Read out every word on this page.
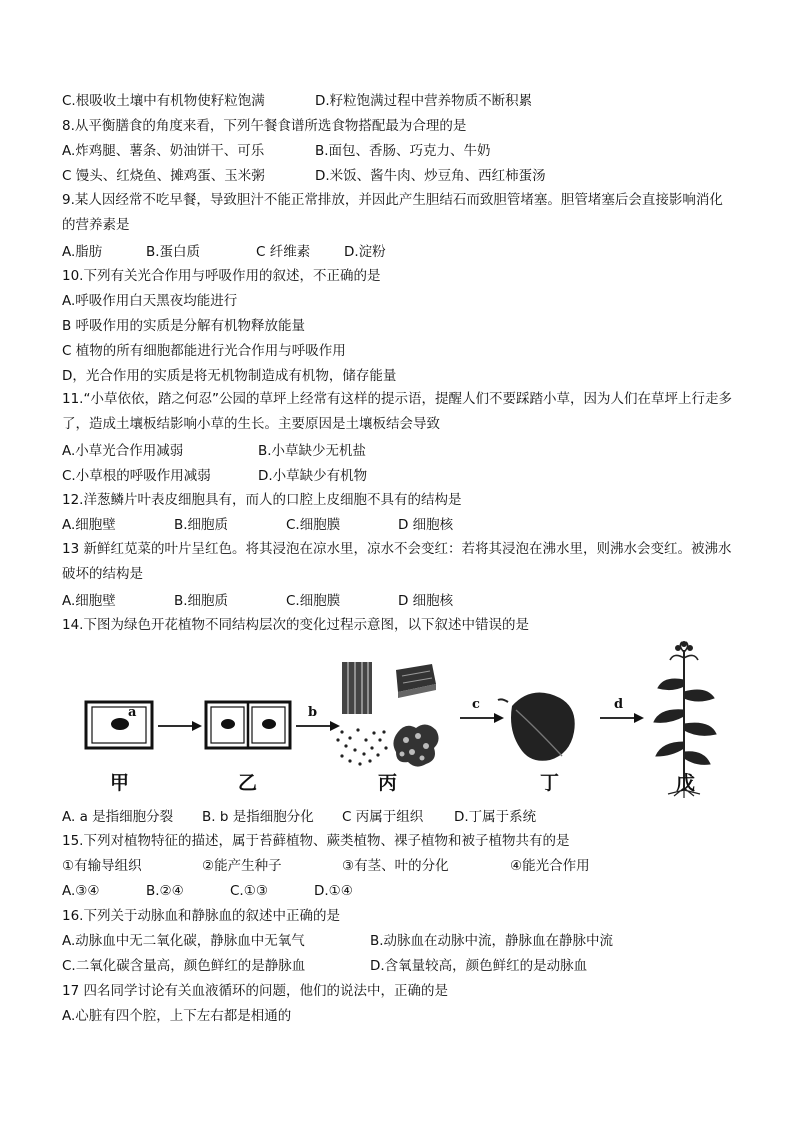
C.根吸收土壤中有机物使籽粒饱满	D.籽粒饱满过程中营养物质不断积累
8.从平衡膳食的角度来看，下列午餐食谱所选食物搭配最为合理的是
A.炸鸡腿、薯条、奶油饼干、可乐	B.面包、香肠、巧克力、牛奶
C 馒头、红烧鱼、摊鸡蛋、玉米粥	D.米饭、酱牛肉、炒豆角、西红柿蛋汤
9.某人因经常不吃早餐，导致胆汁不能正常排放，并因此产生胆结石而致胆管堵塞。胆管堵塞后会直接影响消化的营养素是
A.脂肪	B.蛋白质	C 纤维素	D.淀粉
10.下列有关光合作用与呼吸作用的叙述，不正确的是
A.呼吸作用白天黑夜均能进行
B 呼吸作用的实质是分解有机物释放能量
C 植物的所有细胞都能进行光合作用与呼吸作用
D，光合作用的实质是将无机物制造成有机物，储存能量
11.“小草依依，踏之何忍”公园的草坪上经常有这样的提示语，提醒人们不要踩踏小草，因为人们在草坪上行走多了，造成土壤板结影响小草的生长。主要原因是土壤板结会导致
A.小草光合作用减弱	B.小草缺少无机盐
C.小草根的呼吸作用减弱	D.小草缺少有机物
12.洋葱鳞片叶表皮细胞具有，而人的口腔上皮细胞不具有的结构是
A.细胞壁	B.细胞质	C.细胞膜	D 细胞核
13 新鲜红苋菜的叶片呈红色。将其浸泡在凉水里，凉水不会变红：若将其浸泡在沸水里，则沸水会变红。被沸水破坏的结构是
A.细胞壁	B.细胞质	C.细胞膜	D 细胞核
14.下图为绿色开花植物不同结构层次的变化过程示意图，以下叙述中错误的是
a	b
c	d
甲	乙	丙	丁	戊
A. a 是指细胞分裂 B. b 是指细胞分化 C 丙属于组织 D.丁属于系统
15.下列对植物特征的描述，属于苔藓植物、蕨类植物、裸子植物和被子植物共有的是
①有输导组织	②能产生种子	③有茎、叶的分化	④能光合作用
A.③④	B.②④	C.①③	D.①④
16.下列关于动脉血和静脉血的叙述中正确的是
A.动脉血中无二氧化碳，静脉血中无氧气	B.动脉血在动脉中流，静脉血在静脉中流
C.二氧化碳含量高，颜色鲜红的是静脉血	D.含氧量较高，颜色鲜红的是动脉血
17 四名同学讨论有关血液循环的问题，他们的说法中，正确的是
A.心脏有四个腔，上下左右都是相通的
